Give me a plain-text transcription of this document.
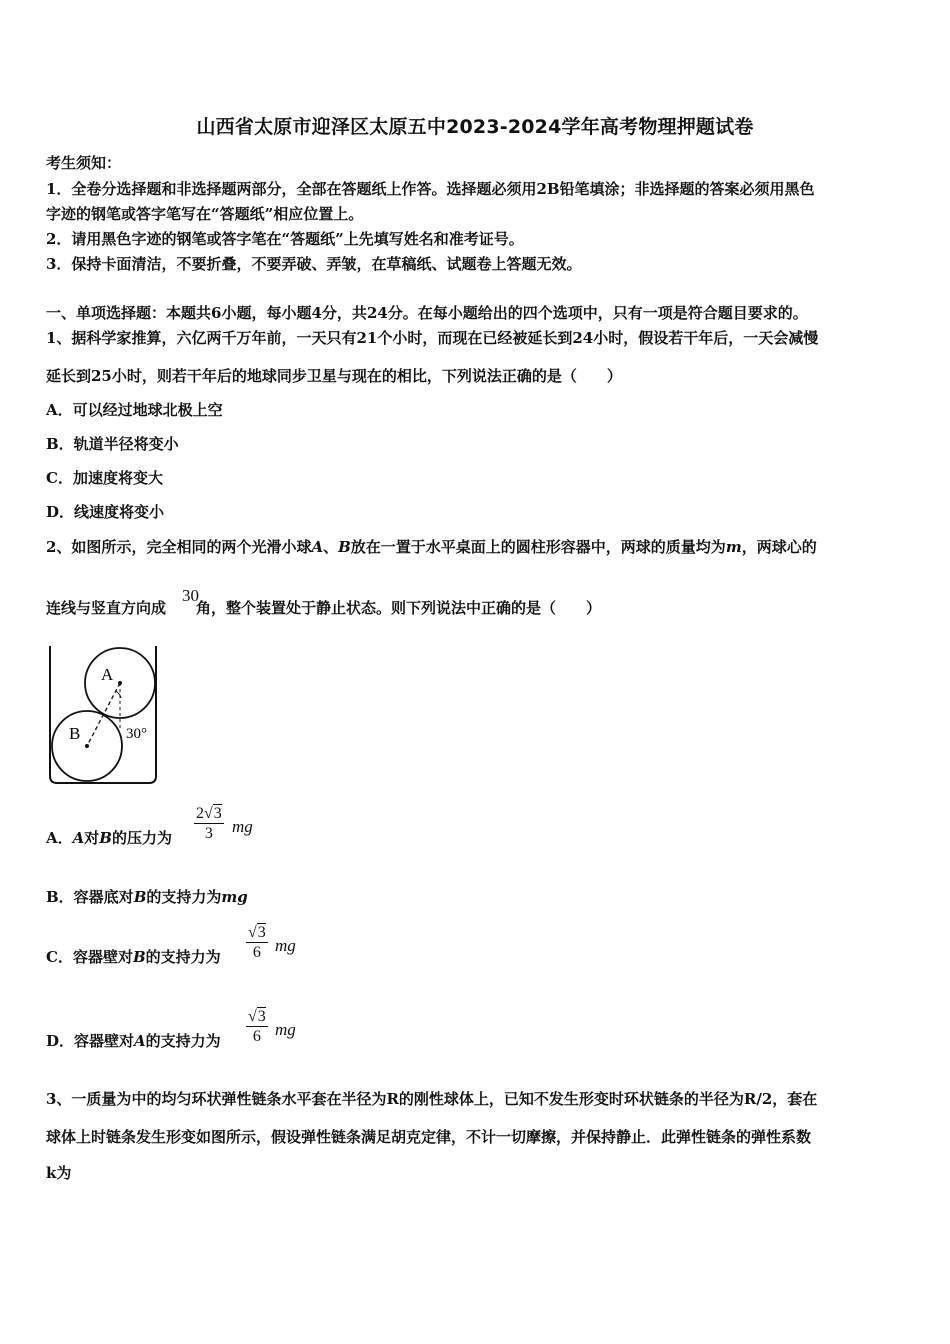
山西省太原市迎泽区太原五中2023-2024学年高考物理押题试卷
考生须知：
1．全卷分选择题和非选择题两部分，全部在答题纸上作答。选择题必须用2B铅笔填涂；非选择题的答案必须用黑色
字迹的钢笔或答字笔写在“答题纸”相应位置上。
2．请用黑色字迹的钢笔或答字笔在“答题纸”上先填写姓名和准考证号。
3．保持卡面清洁，不要折叠，不要弄破、弄皱，在草稿纸、试题卷上答题无效。
一、单项选择题：本题共6小题，每小题4分，共24分。在每小题给出的四个选项中，只有一项是符合题目要求的。
1、据科学家推算，六亿两千万年前，一天只有21个小时，而现在已经被延长到24小时，假设若干年后，一天会减慢
延长到25小时，则若干年后的地球同步卫星与现在的相比，下列说法正确的是（　　）
A．可以经过地球北极上空
B．轨道半径将变小
C．加速度将变大
D．线速度将变小
2、如图所示，完全相同的两个光滑小球A、B放在一置于水平桌面上的圆柱形容器中，两球的质量均为m，两球心的
连线与竖直方向成 角，整个装置处于静止状态。则下列说法中正确的是（　　）
30
A
B	30°
A．A对B的压力为 $\frac{2√3}{3}$ mg
B．容器底对B的支持力为mg
C．容器壁对B的支持力为 $\frac{√3}{6}$ mg
D．容器壁对A的支持力为 $\frac{√3}{6}$ mg
3、一质量为中的均匀环状弹性链条水平套在半径为R的刚性球体上，已知不发生形变时环状链条的半径为R/2，套在
球体上时链条发生形变如图所示，假设弹性链条满足胡克定律，不计一切摩擦，并保持静止．此弹性链条的弹性系数
k为
